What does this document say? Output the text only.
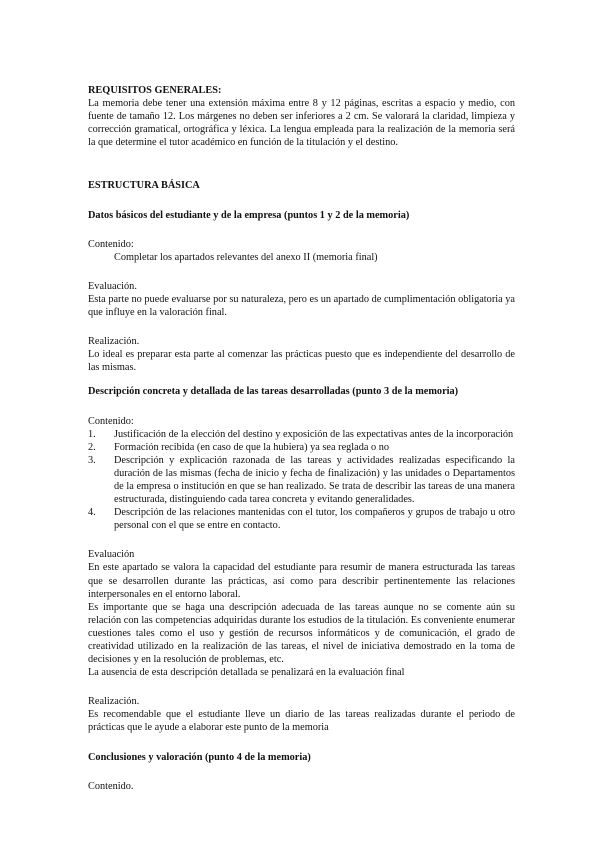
REQUISITOS GENERALES:

La memoria debe tener una extensión máxima entre 8 y 12 páginas, escritas a espacio y medio, con fuente de tamaño 12. Los márgenes no deben ser inferiores a 2 cm. Se valorará la claridad, limpieza y corrección gramatical, ortográfica y léxica. La lengua empleada para la realización de la memoria será la que determine el tutor académico en función de la titulación y el destino.

ESTRUCTURA BÁSICA

Datos básicos del estudiante y de la empresa (puntos 1 y 2 de la memoria)

Contenido:

Completar los apartados relevantes del anexo II (memoria final)

Evaluación.

Esta parte no puede evaluarse por su naturaleza, pero es un apartado de cumplimentación obligatoria ya que influye en la valoración final.

Realización.

Lo ideal es preparar esta parte al comenzar las prácticas puesto que es independiente del desarrollo de las mismas.

Descripción concreta y detallada de las tareas desarrolladas (punto 3 de la memoria)

Contenido:

1. Justificación de la elección del destino y exposición de las expectativas antes de la incorporación
2. Formación recibida (en caso de que la hubiera) ya sea reglada o no
3. Descripción y explicación razonada de las tareas y actividades realizadas especificando la duración de las mismas (fecha de inicio y fecha de finalización) y las unidades o Departamentos de la empresa o institución en que se han realizado. Se trata de describir las tareas de una manera estructurada, distinguiendo cada tarea concreta y evitando generalidades.
4. Descripción de las relaciones mantenidas con el tutor, los compañeros y grupos de trabajo u otro personal con el que se entre en contacto.

Evaluación

En este apartado se valora la capacidad del estudiante para resumir de manera estructurada las tareas que se desarrollen durante las prácticas, así como para describir pertinentemente las relaciones interpersonales en el entorno laboral.

Es importante que se haga una descripción adecuada de las tareas aunque no se comente aún su relación con las competencias adquiridas durante los estudios de la titulación. Es conveniente enumerar cuestiones tales como el uso y gestión de recursos informáticos y de comunicación, el grado de creatividad utilizado en la realización de las tareas, el nivel de iniciativa demostrado en la toma de decisiones y en la resolución de problemas, etc.

La ausencia de esta descripción detallada se penalizará en la evaluación final

Realización.

Es recomendable que el estudiante lleve un diario de las tareas realizadas durante el periodo de prácticas que le ayude a elaborar este punto de la memoria

Conclusiones y valoración (punto 4 de la memoria)

Contenido.
